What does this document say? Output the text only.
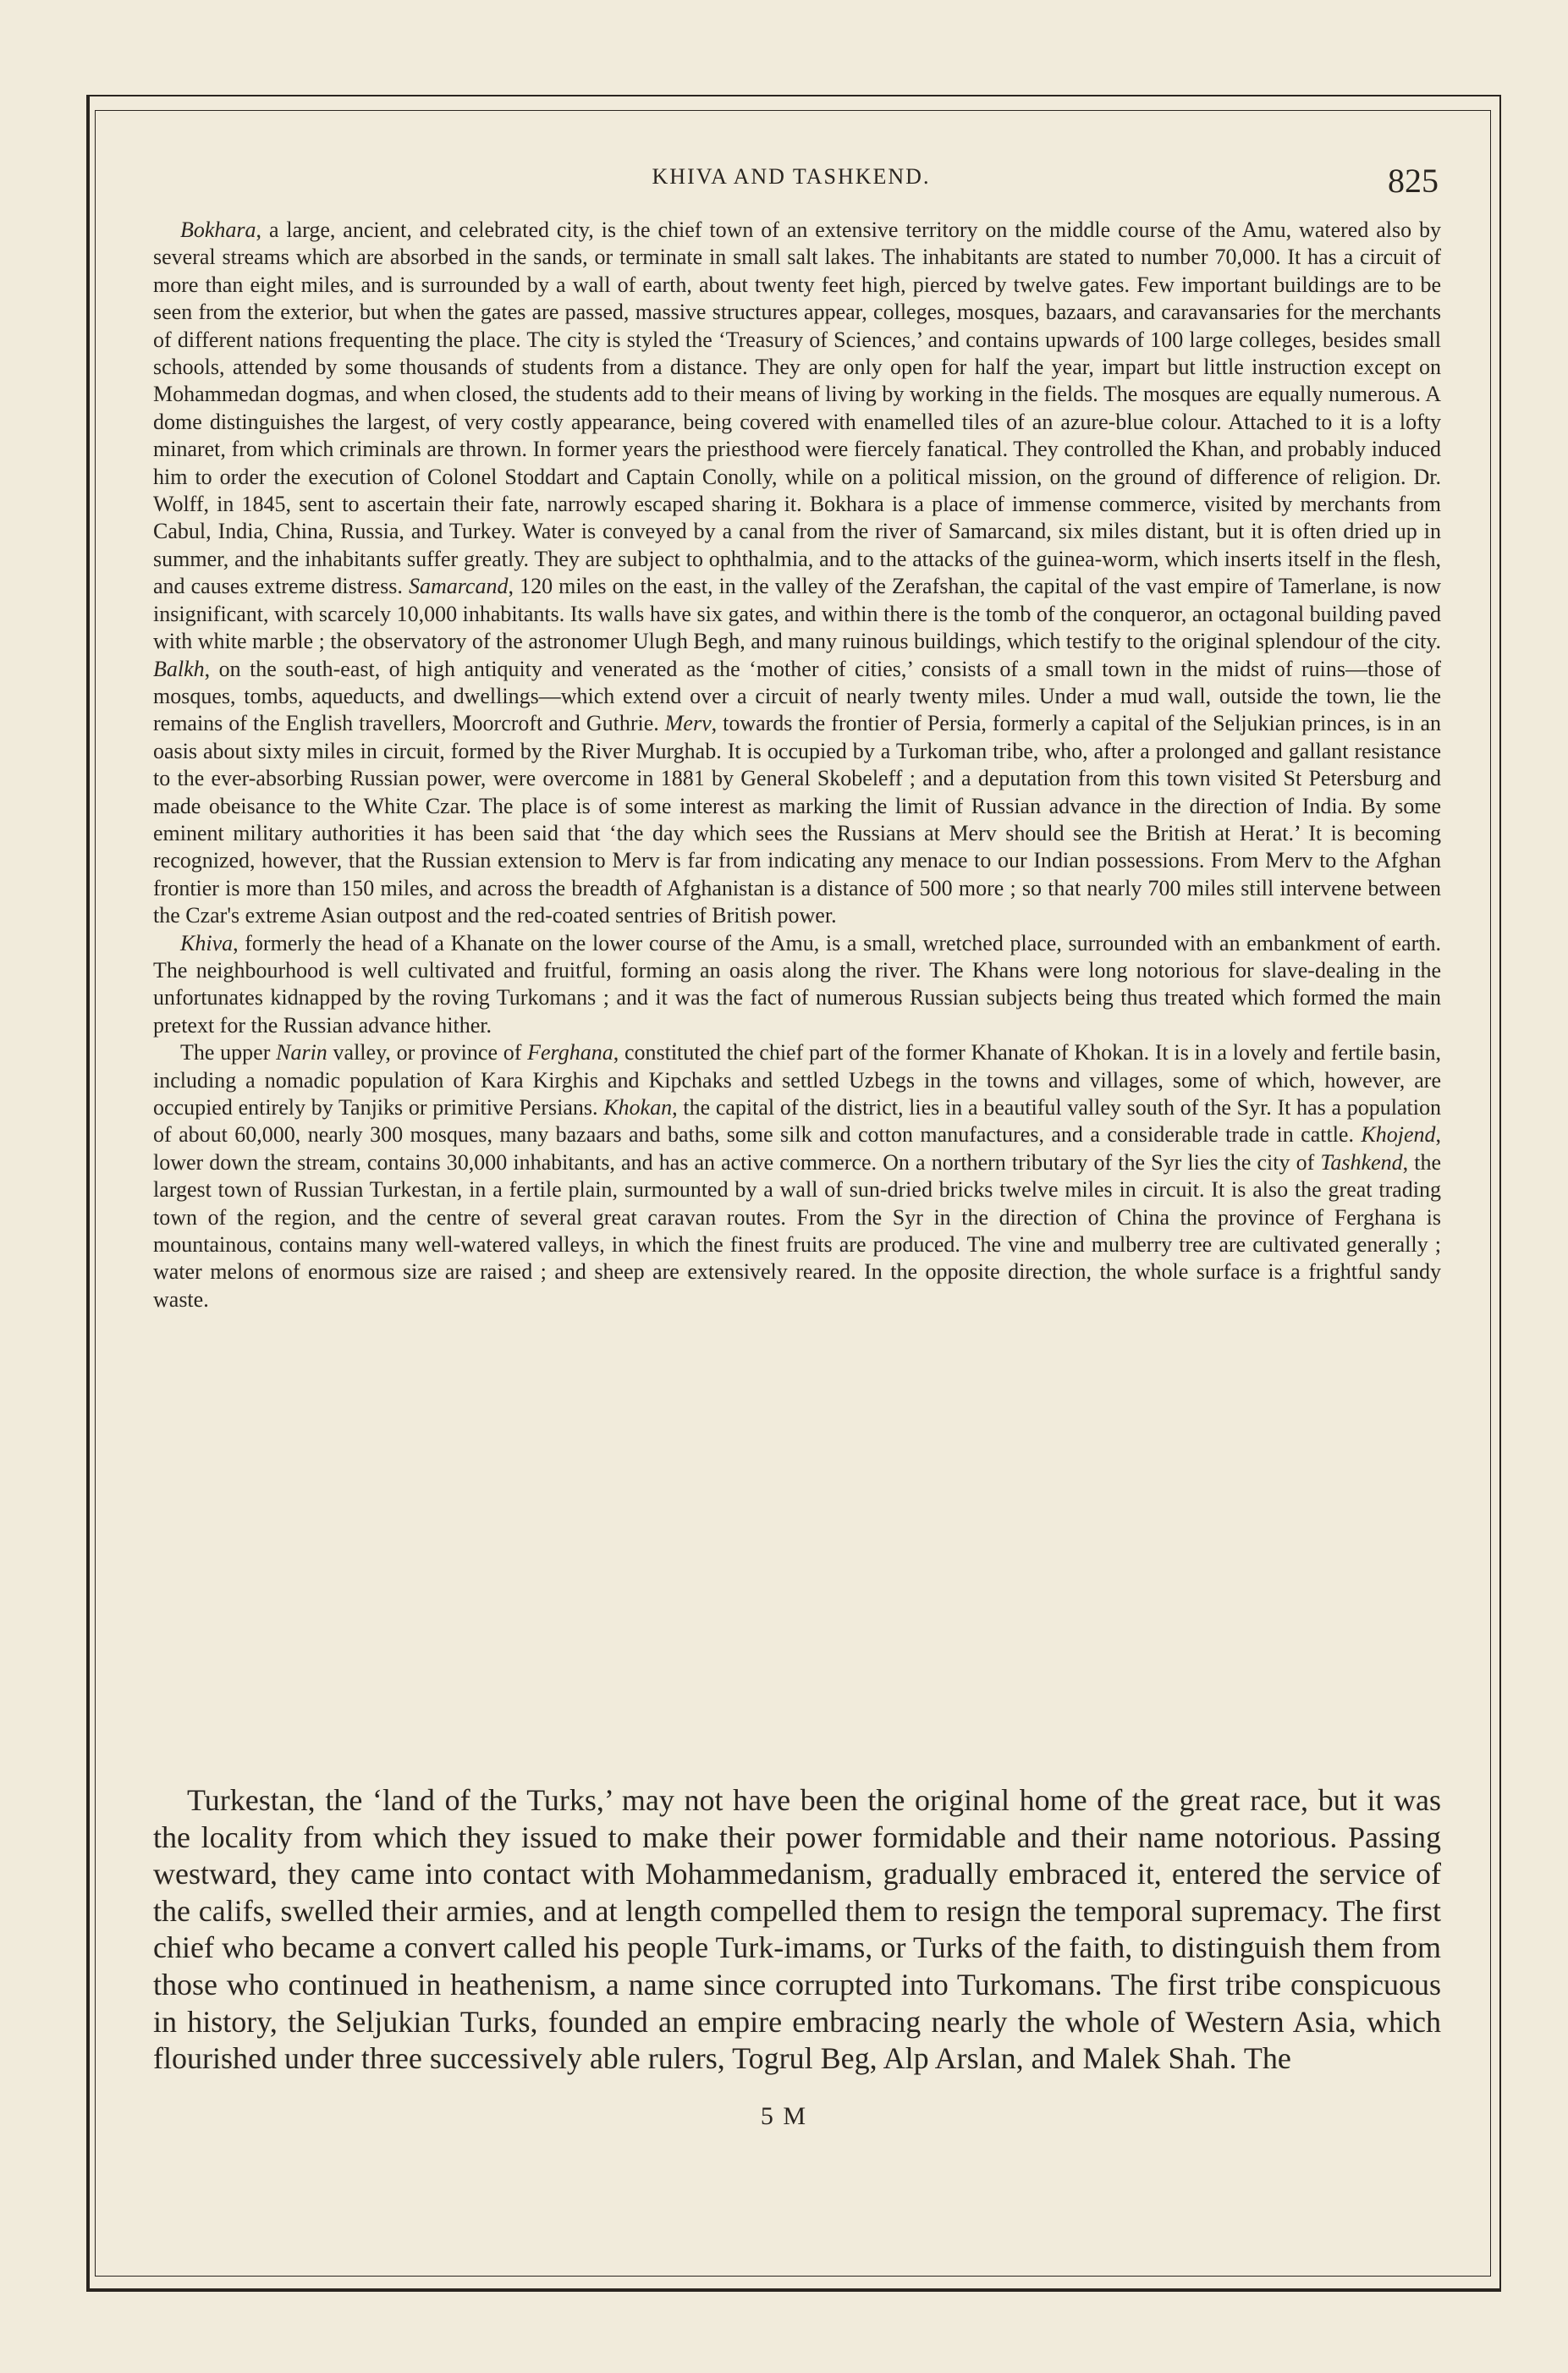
KHIVA AND TASHKEND.	825

Bokhara, a large, ancient, and celebrated city, is the chief town of an extensive territory on the middle course of the Amu, watered also by several streams which are absorbed in the sands, or terminate in small salt lakes. The inhabitants are stated to number 70,000. It has a circuit of more than eight miles, and is surrounded by a wall of earth, about twenty feet high, pierced by twelve gates. Few important buildings are to be seen from the exterior, but when the gates are passed, massive structures appear, colleges, mosques, bazaars, and caravansaries for the merchants of different nations frequenting the place. The city is styled the ‘Treasury of Sciences,’ and contains upwards of 100 large colleges, besides small schools, attended by some thousands of students from a distance. They are only open for half the year, impart but little instruction except on Mohammedan dogmas, and when closed, the students add to their means of living by working in the fields. The mosques are equally numerous. A dome distinguishes the largest, of very costly appearance, being covered with enamelled tiles of an azure-blue colour. Attached to it is a lofty minaret, from which criminals are thrown. In former years the priesthood were fiercely fanatical. They controlled the Khan, and probably induced him to order the execution of Colonel Stoddart and Captain Conolly, while on a political mission, on the ground of difference of religion. Dr. Wolff, in 1845, sent to ascertain their fate, narrowly escaped sharing it. Bokhara is a place of immense commerce, visited by merchants from Cabul, India, China, Russia, and Turkey. Water is conveyed by a canal from the river of Samarcand, six miles distant, but it is often dried up in summer, and the inhabitants suffer greatly. They are subject to ophthalmia, and to the attacks of the guinea-worm, which inserts itself in the flesh, and causes extreme distress. Samarcand, 120 miles on the east, in the valley of the Zerafshan, the capital of the vast empire of Tamerlane, is now insignificant, with scarcely 10,000 inhabitants. Its walls have six gates, and within there is the tomb of the conqueror, an octagonal building paved with white marble ; the observatory of the astronomer Ulugh Begh, and many ruinous buildings, which testify to the original splendour of the city. Balkh, on the south-east, of high antiquity and venerated as the ‘mother of cities,’ consists of a small town in the midst of ruins—those of mosques, tombs, aqueducts, and dwellings—which extend over a circuit of nearly twenty miles. Under a mud wall, outside the town, lie the remains of the English travellers, Moorcroft and Guthrie. Merv, towards the frontier of Persia, formerly a capital of the Seljukian princes, is in an oasis about sixty miles in circuit, formed by the River Murghab. It is occupied by a Turkoman tribe, who, after a prolonged and gallant resistance to the ever-absorbing Russian power, were overcome in 1881 by General Skobeleff ; and a deputation from this town visited St Petersburg and made obeisance to the White Czar. The place is of some interest as marking the limit of Russian advance in the direction of India. By some eminent military authorities it has been said that ‘the day which sees the Russians at Merv should see the British at Herat.’ It is becoming recognized, however, that the Russian extension to Merv is far from indicating any menace to our Indian possessions. From Merv to the Afghan frontier is more than 150 miles, and across the breadth of Afghanistan is a distance of 500 more ; so that nearly 700 miles still intervene between the Czar's extreme Asian outpost and the red-coated sentries of British power.

Khiva, formerly the head of a Khanate on the lower course of the Amu, is a small, wretched place, surrounded with an embankment of earth. The neighbourhood is well cultivated and fruitful, forming an oasis along the river. The Khans were long notorious for slave-dealing in the unfortunates kidnapped by the roving Turkomans ; and it was the fact of numerous Russian subjects being thus treated which formed the main pretext for the Russian advance hither.

The upper Narin valley, or province of Ferghana, constituted the chief part of the former Khanate of Khokan. It is in a lovely and fertile basin, including a nomadic population of Kara Kirghis and Kipchaks and settled Uzbegs in the towns and villages, some of which, however, are occupied entirely by Tanjiks or primitive Persians. Khokan, the capital of the district, lies in a beautiful valley south of the Syr. It has a population of about 60,000, nearly 300 mosques, many bazaars and baths, some silk and cotton manufactures, and a considerable trade in cattle. Khojend, lower down the stream, contains 30,000 inhabitants, and has an active commerce. On a northern tributary of the Syr lies the city of Tashkend, the largest town of Russian Turkestan, in a fertile plain, surmounted by a wall of sun-dried bricks twelve miles in circuit. It is also the great trading town of the region, and the centre of several great caravan routes. From the Syr in the direction of China the province of Ferghana is mountainous, contains many well-watered valleys, in which the finest fruits are produced. The vine and mulberry tree are cultivated generally ; water melons of enormous size are raised ; and sheep are extensively reared. In the opposite direction, the whole surface is a frightful sandy waste.

Turkestan, the ‘land of the Turks,’ may not have been the original home of the great race, but it was the locality from which they issued to make their power formidable and their name notorious. Passing westward, they came into contact with Mohammedanism, gradually embraced it, entered the service of the califs, swelled their armies, and at length compelled them to resign the temporal supremacy. The first chief who became a convert called his people Turk-imams, or Turks of the faith, to distinguish them from those who continued in heathenism, a name since corrupted into Turkomans. The first tribe conspicuous in history, the Seljukian Turks, founded an empire embracing nearly the whole of Western Asia, which flourished under three successively able rulers, Togrul Beg, Alp Arslan, and Malek Shah. The

5 M
